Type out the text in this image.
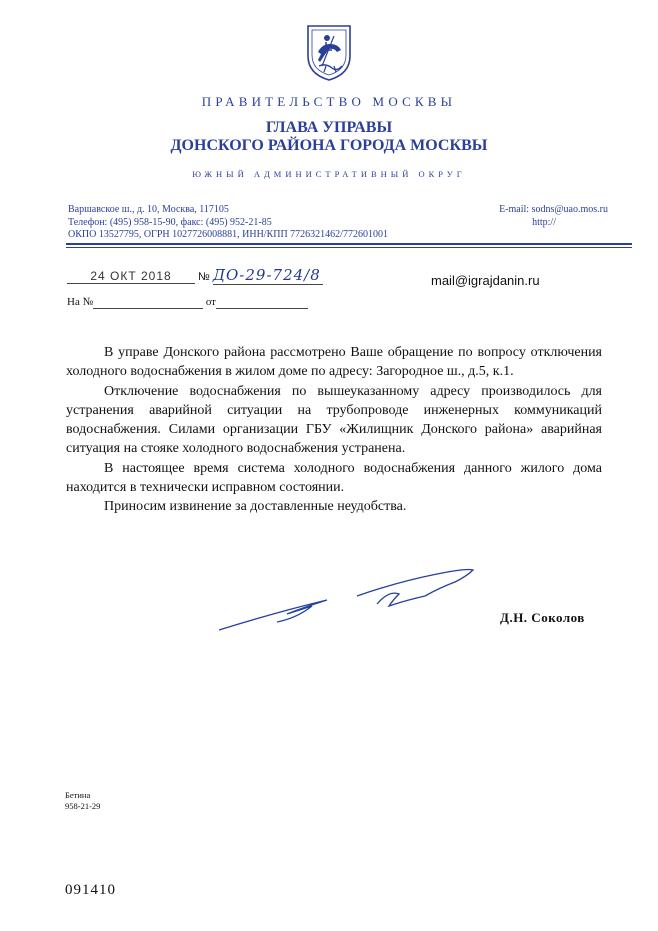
ПРАВИТЕЛЬСТВО МОСКВЫ
ГЛАВА УПРАВЫ
ДОНСКОГО РАЙОНА ГОРОДА МОСКВЫ
ЮЖНЫЙ АДМИНИСТРАТИВНЫЙ ОКРУГ
Варшавское ш., д. 10, Москва, 117105
Телефон: (495) 958-15-90, факс: (495) 952-21-85
ОКПО 13527795, ОГРН 1027726008881, ИНН/КПП 7726321462/772601001
E-mail: sodns@uao.mos.ru
http://
24 ОКТ 2018 № ДО-29-724/8	mail@igrajdanin.ru
На №	от

В управе Донского района рассмотрено Ваше обращение по вопросу отключения холодного водоснабжения в жилом доме по адресу: Загородное ш., д.5, к.1.

Отключение водоснабжения по вышеуказанному адресу производилось для устранения аварийной ситуации на трубопроводе инженерных коммуникаций водоснабжения. Силами организации ГБУ «Жилищник Донского района» аварийная ситуация на стояке холодного водоснабжения устранена.

В настоящее время система холодного водоснабжения данного жилого дома находится в технически исправном состоянии.

Приносим извинение за доставленные неудобства.

Д.Н. Соколов
Бетина
958-21-29
091410
